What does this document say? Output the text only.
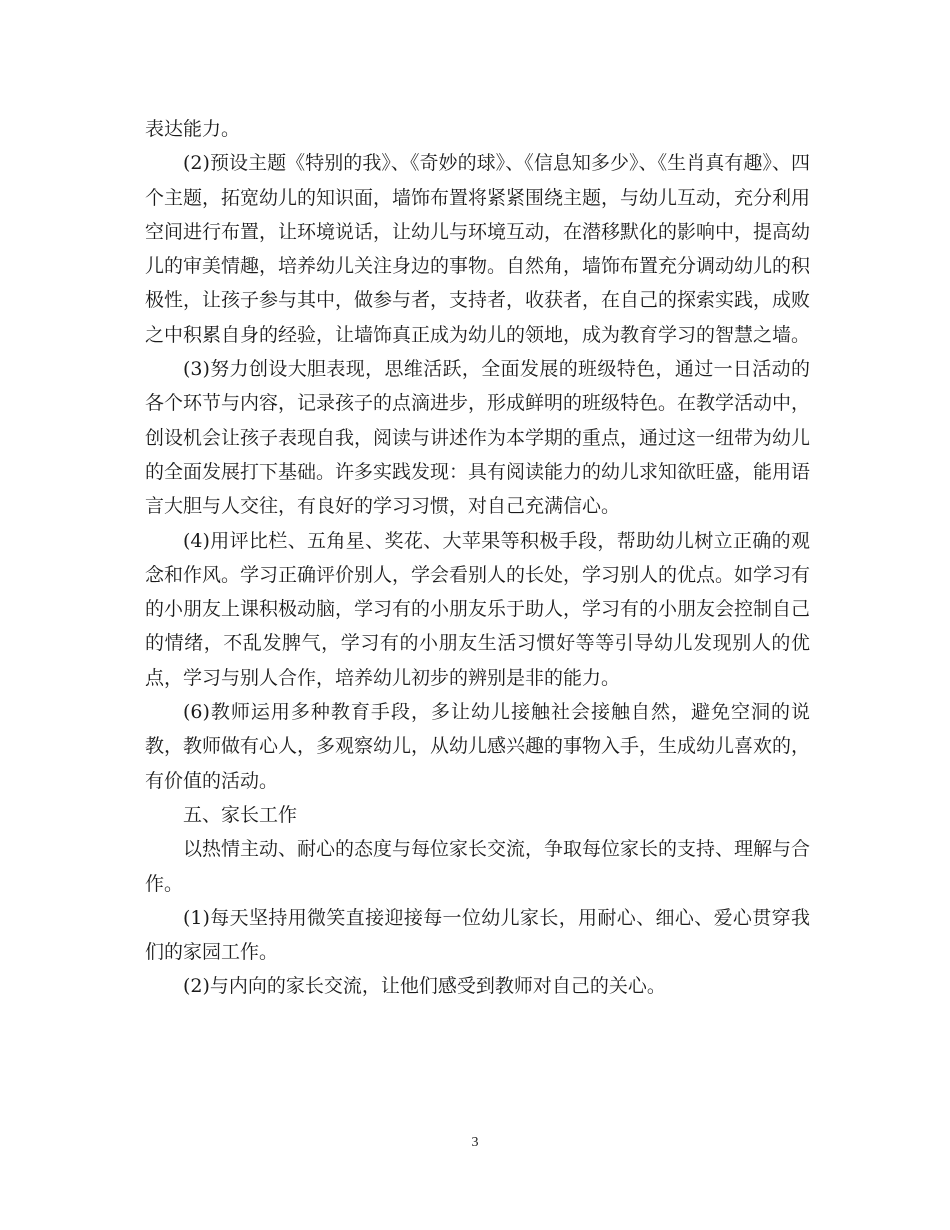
表达能力。

(2)预设主题《特别的我》、《奇妙的球》、《信息知多少》、《生肖真有趣》、四个主题，拓宽幼儿的知识面，墙饰布置将紧紧围绕主题，与幼儿互动，充分利用空间进行布置，让环境说话，让幼儿与环境互动，在潜移默化的影响中，提高幼儿的审美情趣，培养幼儿关注身边的事物。自然角，墙饰布置充分调动幼儿的积极性，让孩子参与其中，做参与者，支持者，收获者，在自己的探索实践，成败之中积累自身的经验，让墙饰真正成为幼儿的领地，成为教育学习的智慧之墙。

(3)努力创设大胆表现，思维活跃，全面发展的班级特色，通过一日活动的各个环节与内容，记录孩子的点滴进步，形成鲜明的班级特色。在教学活动中，创设机会让孩子表现自我，阅读与讲述作为本学期的重点，通过这一纽带为幼儿的全面发展打下基础。许多实践发现：具有阅读能力的幼儿求知欲旺盛，能用语言大胆与人交往，有良好的学习习惯，对自己充满信心。

(4)用评比栏、五角星、奖花、大苹果等积极手段，帮助幼儿树立正确的观念和作风。学习正确评价别人，学会看别人的长处，学习别人的优点。如学习有的小朋友上课积极动脑，学习有的小朋友乐于助人，学习有的小朋友会控制自己的情绪，不乱发脾气，学习有的小朋友生活习惯好等等引导幼儿发现别人的优点，学习与别人合作，培养幼儿初步的辨别是非的能力。

(6)教师运用多种教育手段，多让幼儿接触社会接触自然，避免空洞的说教，教师做有心人，多观察幼儿，从幼儿感兴趣的事物入手，生成幼儿喜欢的，有价值的活动。

五、家长工作

以热情主动、耐心的态度与每位家长交流，争取每位家长的支持、理解与合作。

(1)每天坚持用微笑直接迎接每一位幼儿家长，用耐心、细心、爱心贯穿我们的家园工作。

(2)与内向的家长交流，让他们感受到教师对自己的关心。

3
